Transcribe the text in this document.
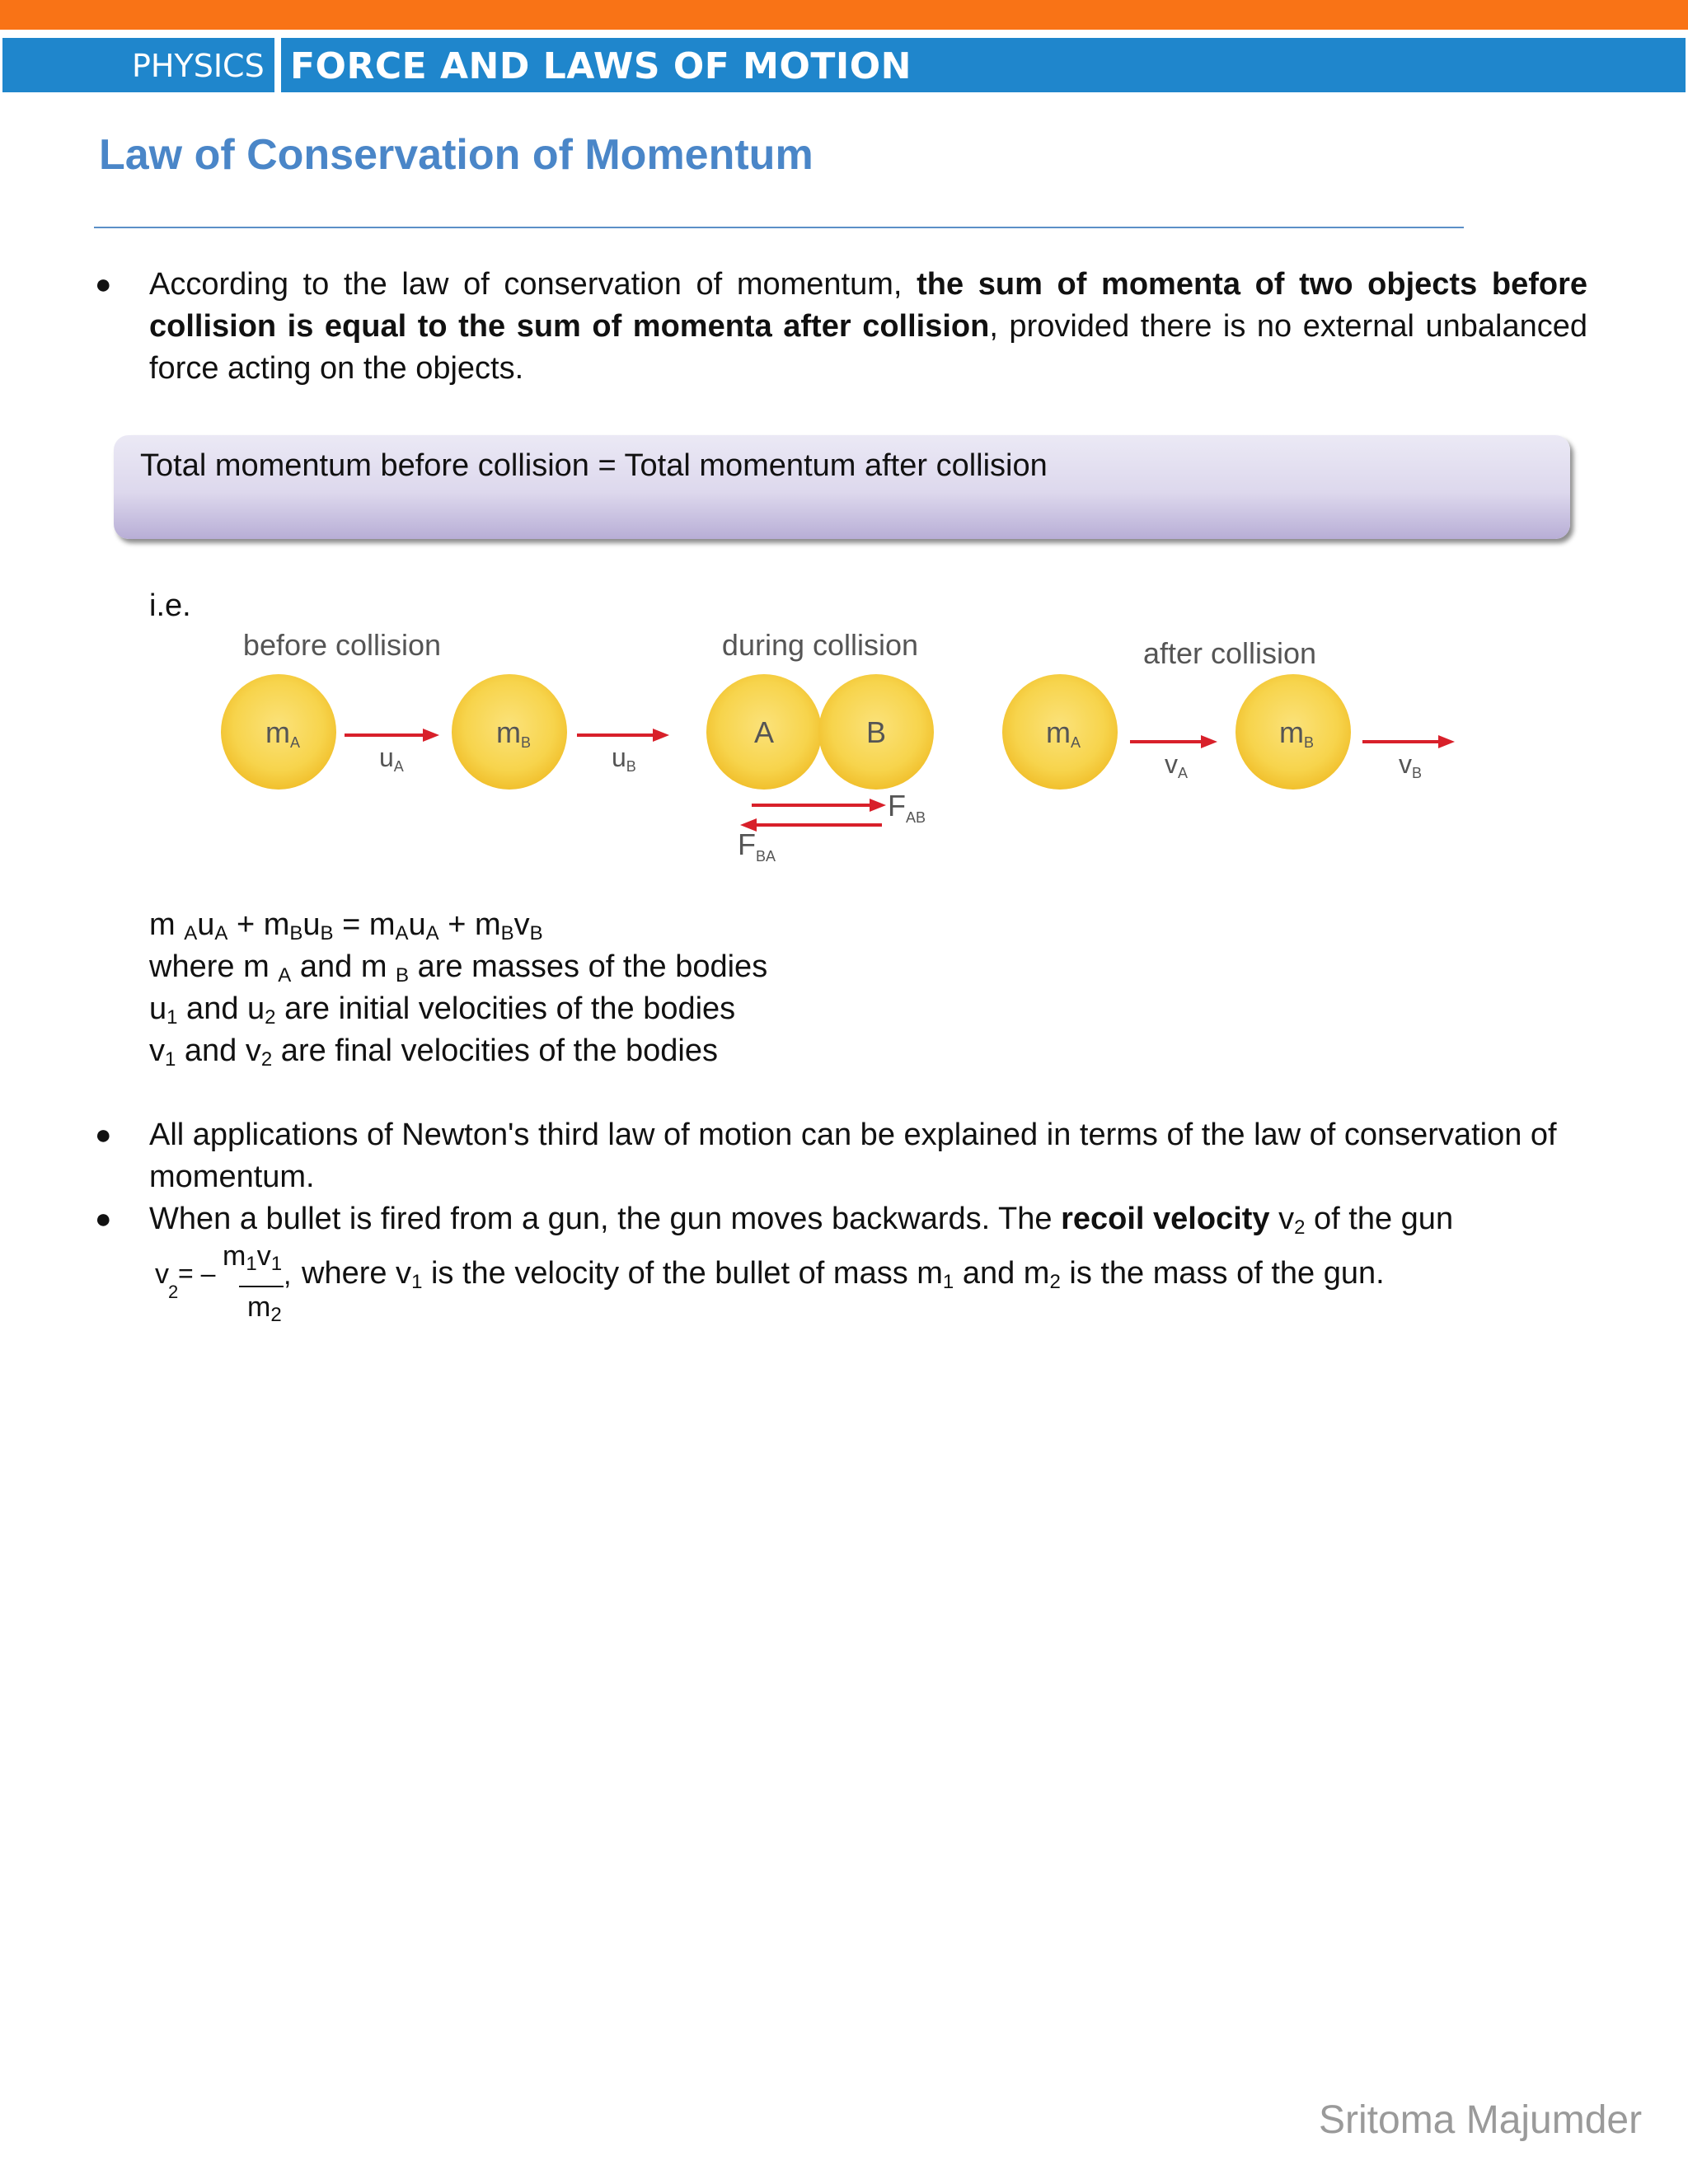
PHYSICS FORCE AND LAWS OF MOTION
Law of Conservation of Momentum
● According to the law of conservation of momentum, the sum of momenta of two objects before collision is equal to the sum of momenta after collision, provided there is no external unbalanced force acting on the objects.

Total momentum before collision = Total momentum after collision
i.e.
before collision	during collision	after collision
mA	uA
mB	uB
A	B
$F_{AB}$
$F_{BA}$
mA
vA
mB
vB
m $_Au_A + m_Bu_B = m_Au_A + m_Bv_B$
where m $_A$ and m $_B$ are masses of the bodies
$u_1$ and $u_2$ are initial velocities of the bodies
$v_1$ and $v_2$ are final velocities of the bodies
● All applications of Newton's third law of motion can be explained in terms of the law of conservation of momentum.

● When a bullet is fired from a gun, the gun moves backwards. The recoil velocity $v_2$ of the gun

v
2
= –
$m_1v_1$ ,
$m_2$
where $v_1$ is the velocity of the bullet of mass $m_1$ and $m_2$ is the mass of the gun.
Sritoma Majumder
